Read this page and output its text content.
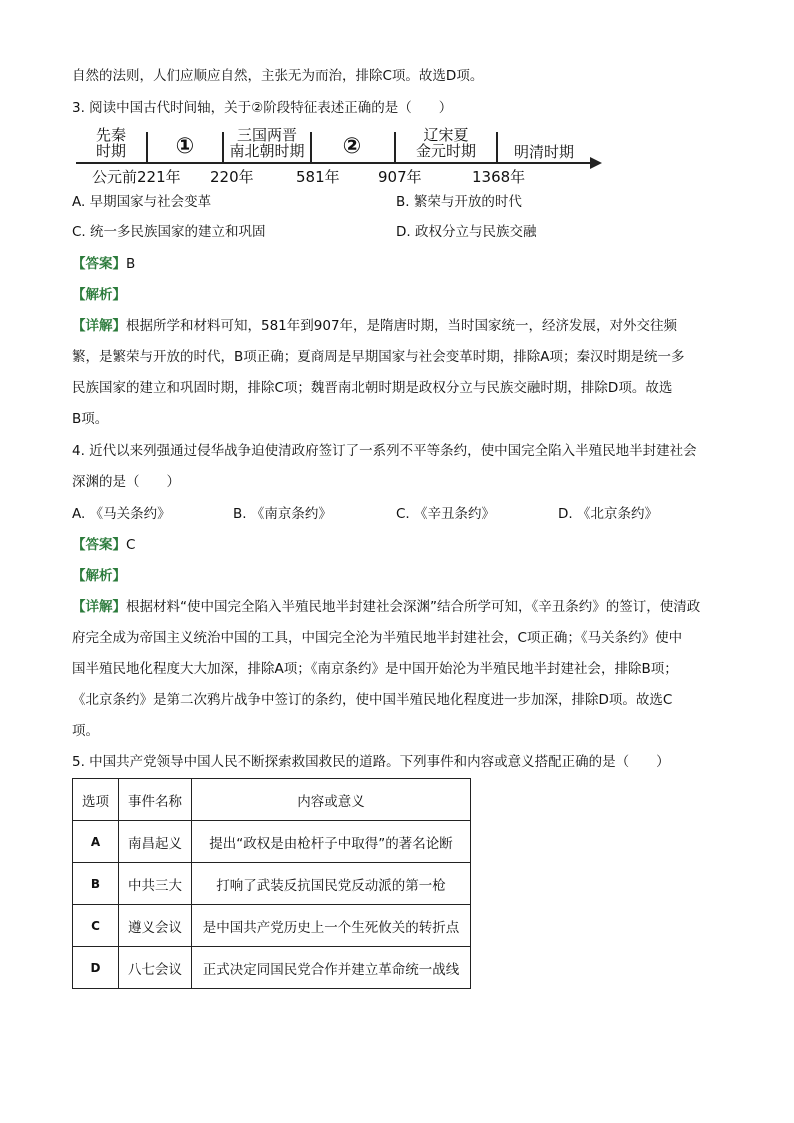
自然的法则，人们应顺应自然，主张无为而治，排除C项。故选D项。
3. 阅读中国古代时间轴，关于②阶段特征表述正确的是（　　）
先秦
时期	①	三国两晋
南北朝时期	②	辽宋夏
金元时期	明清时期
公元前221年 220年	581年	907年	1368年
A. 早期国家与社会变革	B. 繁荣与开放的时代
C. 统一多民族国家的建立和巩固	D. 政权分立与民族交融
【答案】B
【解析】
【详解】根据所学和材料可知，581年到907年，是隋唐时期，当时国家统一，经济发展，对外交往频
繁，是繁荣与开放的时代，B项正确；夏商周是早期国家与社会变革时期，排除A项；秦汉时期是统一多
民族国家的建立和巩固时期，排除C项；魏晋南北朝时期是政权分立与民族交融时期，排除D项。故选
B项。
4. 近代以来列强通过侵华战争迫使清政府签订了一系列不平等条约，使中国完全陷入半殖民地半封建社会
深渊的是（　　）
A. 《马关条约》	B. 《南京条约》	C. 《辛丑条约》	D. 《北京条约》
【答案】C
【解析】
【详解】根据材料“使中国完全陷入半殖民地半封建社会深渊”结合所学可知，《辛丑条约》的签订，使清政
府完全成为帝国主义统治中国的工具，中国完全沦为半殖民地半封建社会，C项正确；《马关条约》使中
国半殖民地化程度大大加深，排除A项；《南京条约》是中国开始沦为半殖民地半封建社会，排除B项；
《北京条约》是第二次鸦片战争中签订的条约，使中国半殖民地化程度进一步加深，排除D项。故选C
项。
5. 中国共产党领导中国人民不断探索救国救民的道路。下列事件和内容或意义搭配正确的是（　　）
选项	事件名称	内容或意义
A	南昌起义	提出“政权是由枪杆子中取得”的著名论断
B	中共三大	打响了武装反抗国民党反动派的第一枪
C	遵义会议	是中国共产党历史上一个生死攸关的转折点
D	八七会议	正式决定同国民党合作并建立革命统一战线
